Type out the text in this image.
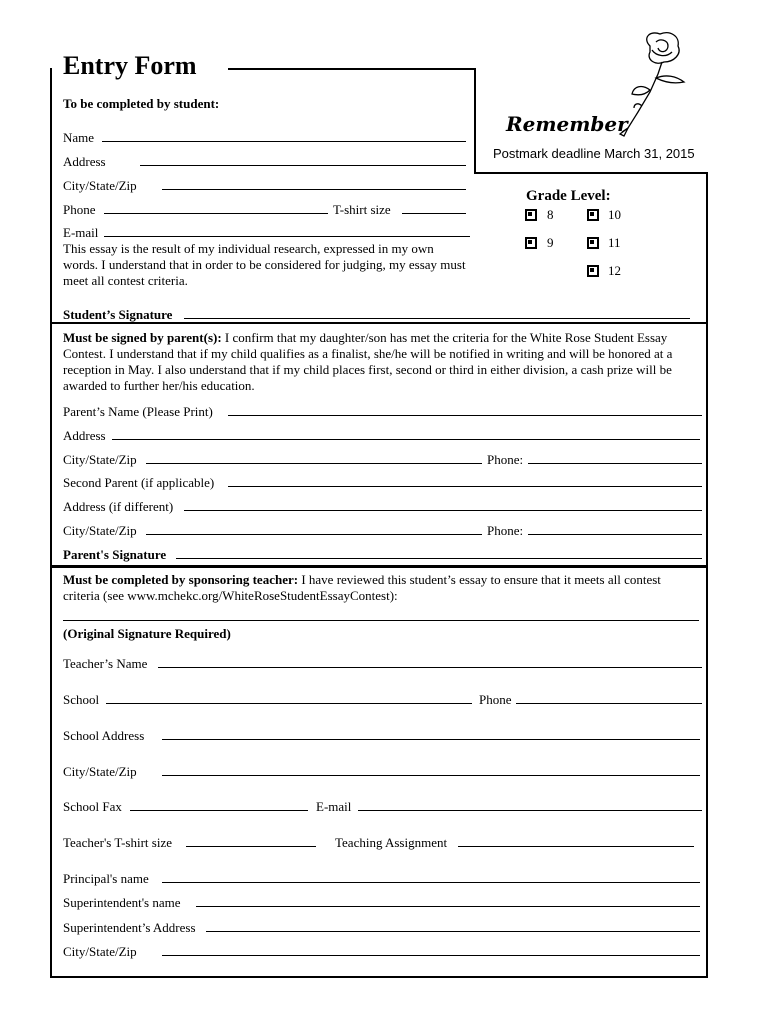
Entry Form
To be completed by student:
Remember
Postmark deadline March 31, 2015
Name
Address
City/State/Zip
Phone	T-shirt size
E-mail
This essay is the result of my individual research, expressed in my own words. I understand that in order to be considered for judging, my essay must meet all contest criteria.
Student’s Signature
Grade Level:
8	10
9	11
12
Must be signed by parent(s): I confirm that my daughter/son has met the criteria for the White Rose Student Essay Contest. I understand that if my child qualifies as a finalist, she/he will be notified in writing and will be honored at a reception in May. I also understand that if my child places first, second or third in either division, a cash prize will be awarded to further her/his education.
Parent’s Name (Please Print)
Address
City/State/Zip	Phone:
Second Parent (if applicable)
Address (if different)
City/State/Zip	Phone:
Parent's Signature
Must be completed by sponsoring teacher: I have reviewed this student’s essay to ensure that it meets all contest criteria (see www.mchekc.org/WhiteRoseStudentEssayContest):
(Original Signature Required)
Teacher’s Name
School	Phone
School Address
City/State/Zip
School Fax	E-mail
Teacher's T-shirt size	Teaching Assignment
Principal's name
Superintendent's name
Superintendent’s Address
City/State/Zip
